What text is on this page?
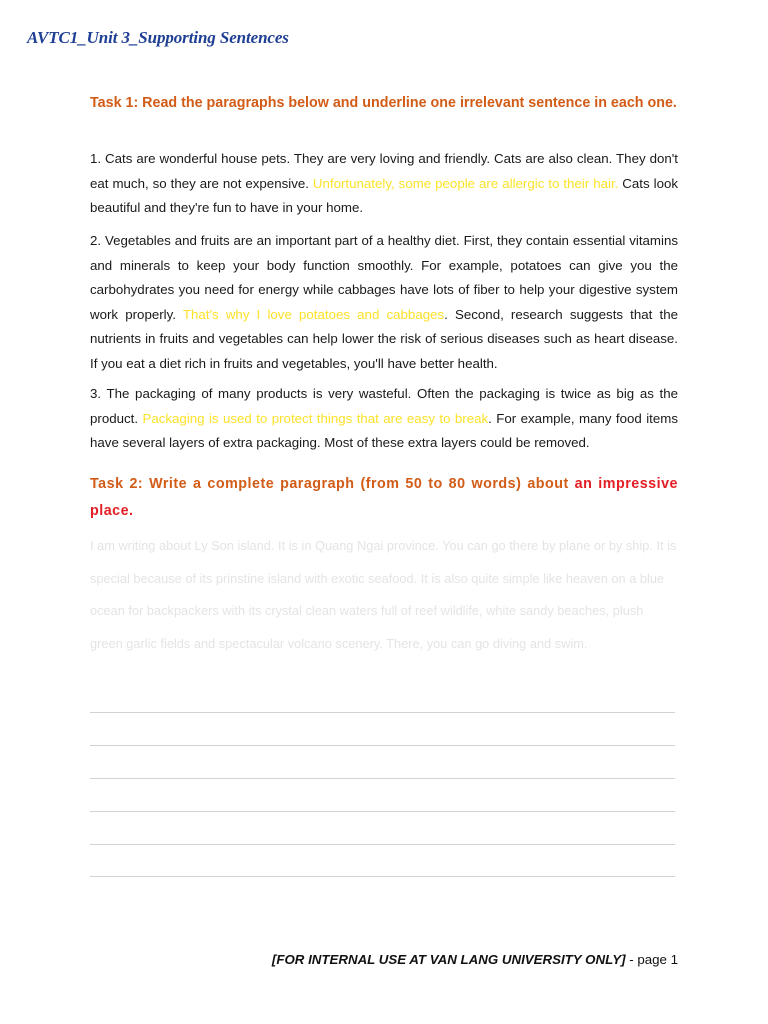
AVTC1_Unit 3_Supporting Sentences
Task 1: Read the paragraphs below and underline one irrelevant sentence in each one.

1. Cats are wonderful house pets. They are very loving and friendly. Cats are also clean. They don't eat much, so they are not expensive. Unfortunately, some people are allergic to their hair. Cats look beautiful and they're fun to have in your home.

2. Vegetables and fruits are an important part of a healthy diet. First, they contain essential vitamins and minerals to keep your body function smoothly. For example, potatoes can give you the carbohydrates you need for energy while cabbages have lots of fiber to help your digestive system work properly. That's why I love potatoes and cabbages. Second, research suggests that the nutrients in fruits and vegetables can help lower the risk of serious diseases such as heart disease. If you eat a diet rich in fruits and vegetables, you'll have better health.

3. The packaging of many products is very wasteful. Often the packaging is twice as big as the product. Packaging is used to protect things that are easy to break. For example, many food items have several layers of extra packaging. Most of these extra layers could be removed.

Task 2: Write a complete paragraph (from 50 to 80 words) about an impressive place.

I am writing about Ly Son island. It is in Quang Ngai province. You can go there by plane or by ship. It is special because of its prinstine island with exotic seafood. It is also quite simple like heaven on a blue ocean for backpackers with its crystal clean waters full of reef wildlife, white sandy beaches, plush green garlic fields and spectacular volcano scenery. There, you can go diving and swim.

[FOR INTERNAL USE AT VAN LANG UNIVERSITY ONLY] - page 1
